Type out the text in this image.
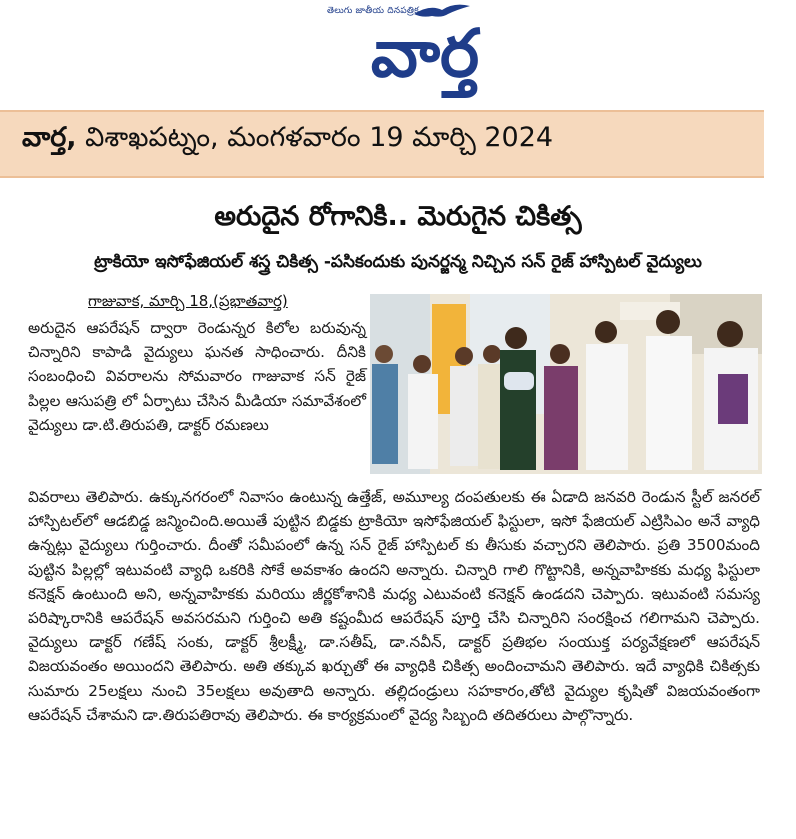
తెలుగు జాతీయ దినపత్రిక
వార్త
వార్త, విశాఖపట్నం, మంగళవారం 19 మార్చి 2024
అరుదైన రోగానికి.. మెరుగైన చికిత్స
ట్రాకియో ఇసోఫేజియల్ శస్త్ర చికిత్స -పసికందుకు పునర్జన్మ నిచ్చిన సన్ రైజ్ హాస్పిటల్ వైద్యులు
గాజువాక, మార్చి 18,(ప్రభాతవార్త)
అరుదైన ఆపరేషన్ ద్వారా రెండున్నర కిలోల బరువున్న చిన్నారిని కాపాడి వైద్యులు ఘనత సాధించారు. దీనికి సంబంధించి వివరాలను సోమవారం గాజువాక సన్ రైజ్ పిల్లల ఆసుపత్రి లో ఏర్పాటు చేసిన మీడియా సమావేశంలో వైద్యులు డా.టి.తిరుపతి, డాక్టర్ రమణలు
వివరాలు తెలిపారు. ఉక్కునగరంలో నివాసం ఉంటున్న ఉత్తేజ్, అమూల్య దంపతులకు ఈ ఏడాది జనవరి రెండున స్టీల్ జనరల్ హాస్పిటల్‌లో ఆడబిడ్డ జన్మించింది.అయితే పుట్టిన బిడ్డకు ట్రాకియో ఇసోఫేజియల్ ఫిస్టులా, ఇసో ఫేజియల్ ఎట్రిసిఎం అనే వ్యాధి ఉన్నట్లు వైద్యులు గుర్తించారు. దీంతో సమీపంలో ఉన్న సన్ రైజ్ హాస్పిటల్ కు తీసుకు వచ్చారని తెలిపారు. ప్రతి 3500మంది పుట్టిన పిల్లల్లో ఇటువంటి వ్యాధి ఒకరికి సోకే అవకాశం ఉందని అన్నారు. చిన్నారి గాలి గొట్టానికి, అన్నవాహికకు మధ్య ఫిస్టులా కనెక్షన్ ఉంటుంది అని, అన్నవాహికకు మరియు జీర్ణకోశానికి మధ్య ఎటువంటి కనెక్షన్ ఉండదని చెప్పారు. ఇటువంటి సమస్య పరిష్కారానికి ఆపరేషన్ అవసరమని గుర్తించి అతి కష్టంమీద ఆపరేషన్ పూర్తి చేసి చిన్నారిని సంరక్షించ గలిగామని చెప్పారు. వైద్యులు డాక్టర్ గణేష్ సంకు, డాక్టర్ శ్రీలక్ష్మీ, డా.సతీష్, డా.నవీన్, డాక్టర్ ప్రతిభల సంయుక్త పర్యవేక్షణలో ఆపరేషన్ విజయవంతం అయిందని తెలిపారు. అతి తక్కువ ఖర్చుతో ఈ వ్యాధికి చికిత్స అందించామని తెలిపారు. ఇదే వ్యాధికి చికిత్సకు సుమారు 25లక్షలు నుంచి 35లక్షలు అవుతాది అన్నారు. తల్లిదండ్రులు సహకారం,తోటి వైద్యుల కృషితో విజయవంతంగా ఆపరేషన్ చేశామని డా.తిరుపతిరావు తెలిపారు. ఈ కార్యక్రమంలో వైద్య సిబ్బంది తదితరులు పాల్గొన్నారు.
